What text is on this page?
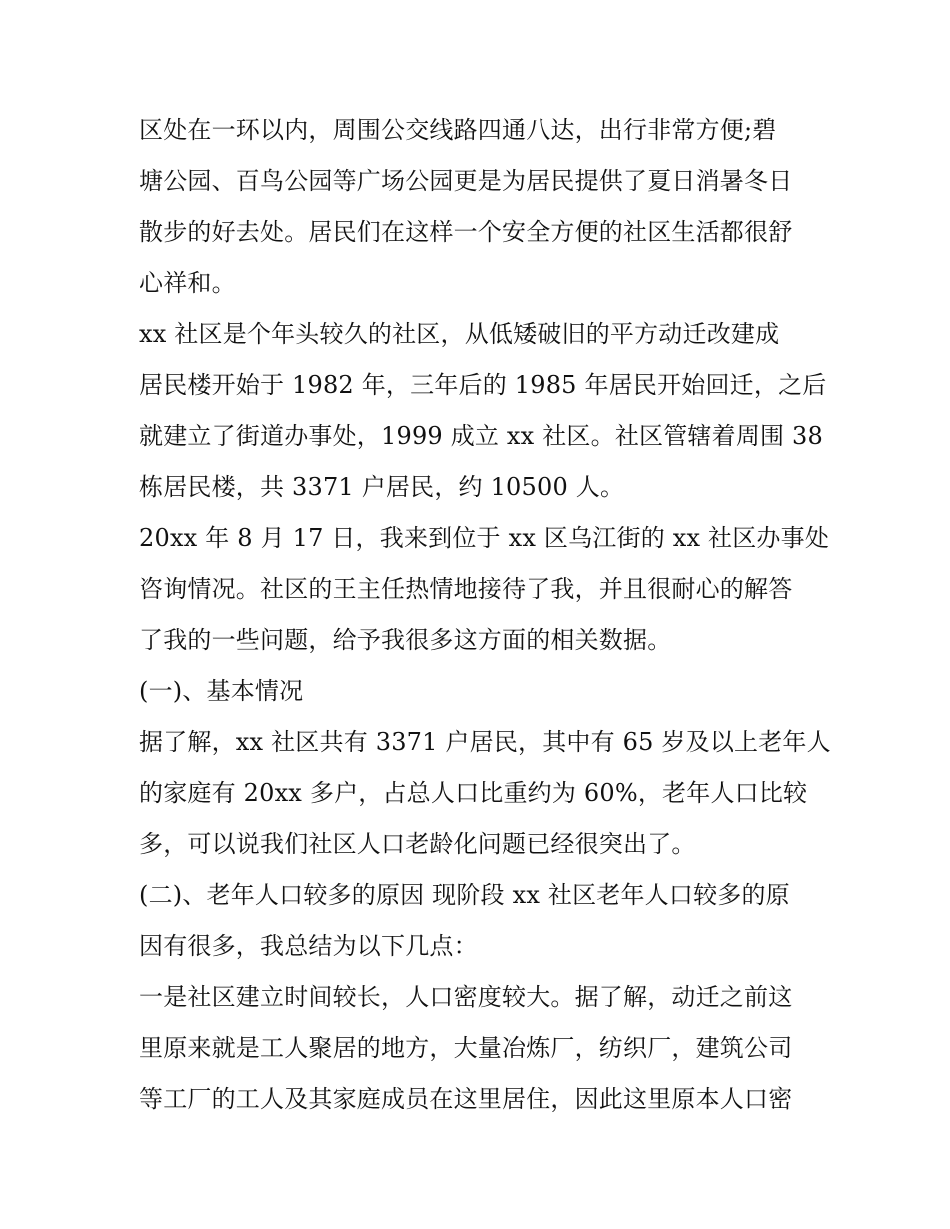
区处在一环以内，周围公交线路四通八达，出行非常方便;碧
塘公园、百鸟公园等广场公园更是为居民提供了夏日消暑冬日
散步的好去处。居民们在这样一个安全方便的社区生活都很舒
心祥和。
xx 社区是个年头较久的社区，从低矮破旧的平方动迁改建成
居民楼开始于 1982 年，三年后的 1985 年居民开始回迁，之后
就建立了街道办事处，1999 成立 xx 社区。社区管辖着周围 38
栋居民楼，共 3371 户居民，约 10500 人。
20xx 年 8 月 17 日，我来到位于 xx 区乌江街的 xx 社区办事处
咨询情况。社区的王主任热情地接待了我，并且很耐心的解答
了我的一些问题，给予我很多这方面的相关数据。
(一)、基本情况
据了解，xx 社区共有 3371 户居民，其中有 65 岁及以上老年人
的家庭有 20xx 多户，占总人口比重约为 60%，老年人口比较
多，可以说我们社区人口老龄化问题已经很突出了。
(二)、老年人口较多的原因 现阶段 xx 社区老年人口较多的原
因有很多，我总结为以下几点：
一是社区建立时间较长，人口密度较大。据了解，动迁之前这
里原来就是工人聚居的地方，大量冶炼厂，纺织厂，建筑公司
等工厂的工人及其家庭成员在这里居住，因此这里原本人口密
